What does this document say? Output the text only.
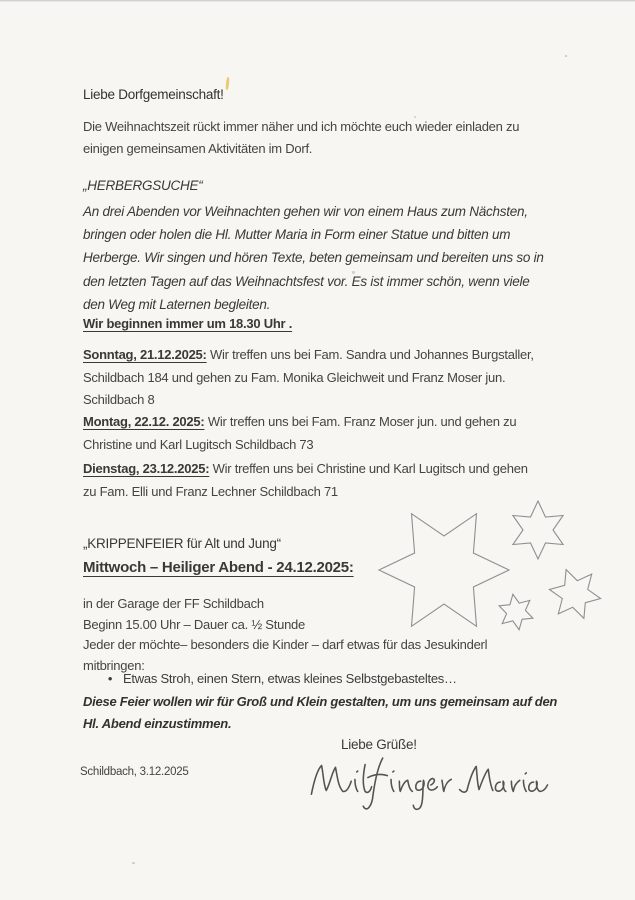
Liebe Dorfgemeinschaft!
Die Weihnachtszeit rückt immer näher und ich möchte euch wieder einladen zu
einigen gemeinsamen Aktivitäten im Dorf.
„HERBERGSUCHE“
An drei Abenden vor Weihnachten gehen wir von einem Haus zum Nächsten,
bringen oder holen die Hl. Mutter Maria in Form einer Statue und bitten um
Herberge. Wir singen und hören Texte, beten gemeinsam und bereiten uns so in
den letzten Tagen auf das Weihnachtsfest vor. Es ist immer schön, wenn viele
den Weg mit Laternen begleiten.
Wir beginnen immer um 18.30 Uhr .
Sonntag, 21.12.2025: Wir treffen uns bei Fam. Sandra und Johannes Burgstaller,
Schildbach 184 und gehen zu Fam. Monika Gleichweit und Franz Moser jun.
Schildbach 8
Montag, 22.12. 2025: Wir treffen uns bei Fam. Franz Moser jun. und gehen zu
Christine und Karl Lugitsch Schildbach 73
Dienstag, 23.12.2025: Wir treffen uns bei Christine und Karl Lugitsch und gehen
zu Fam. Elli und Franz Lechner Schildbach 71
„KRIPPENFEIER für Alt und Jung“
Mittwoch – Heiliger Abend - 24.12.2025:
in der Garage der FF Schildbach
Beginn 15.00 Uhr – Dauer ca. ½ Stunde
Jeder der möchte– besonders die Kinder – darf etwas für das Jesukinderl
mitbringen:
• Etwas Stroh, einen Stern, etwas kleines Selbstgebasteltes…
Diese Feier wollen wir für Groß und Klein gestalten, um uns gemeinsam auf den
Hl. Abend einzustimmen.
Liebe Grüße!
Schildbach, 3.12.2025
